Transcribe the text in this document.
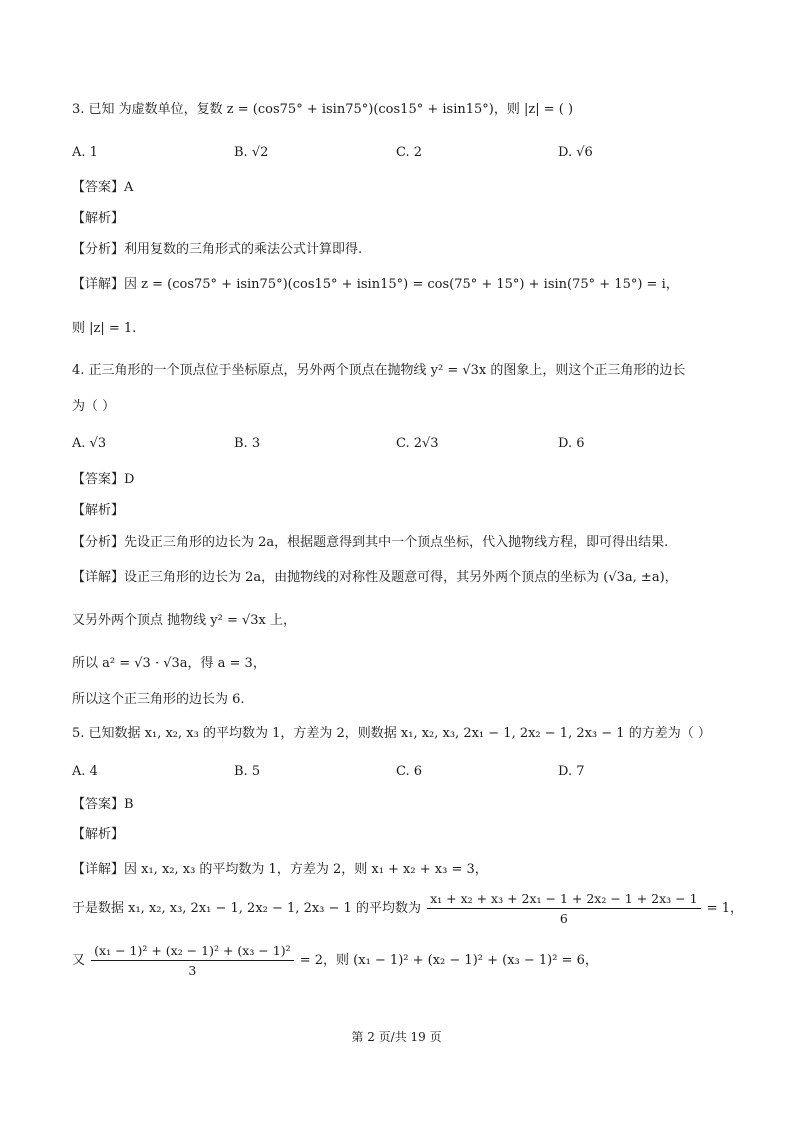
3. 已知 为虚数单位，复数 z = (cos75° + isin75°)(cos15° + isin15°)，则 |z| = ( )
A. 1	B. √2	C. 2	D. √6
【答案】A
【解析】
【分析】利用复数的三角形式的乘法公式计算即得.
【详解】因 z = (cos75° + isin75°)(cos15° + isin15°) = cos(75° + 15°) + isin(75° + 15°) = i，
则 |z| = 1.
4. 正三角形的一个顶点位于坐标原点，另外两个顶点在抛物线 y² = √3x 的图象上，则这个正三角形的边长
为（ ）
A. √3	B. 3	C. 2√3	D. 6
【答案】D
【解析】
【分析】先设正三角形的边长为 2a，根据题意得到其中一个顶点坐标，代入抛物线方程，即可得出结果.
【详解】设正三角形的边长为 2a，由抛物线的对称性及题意可得，其另外两个顶点的坐标为 (√3a, ±a)，
又另外两个顶点 抛物线 y² = √3x 上，
所以 a² = √3 · √3a，得 a = 3，
所以这个正三角形的边长为 6.
5. 已知数据 x₁, x₂, x₃ 的平均数为 1，方差为 2，则数据 x₁, x₂, x₃, 2x₁ − 1, 2x₂ − 1, 2x₃ − 1 的方差为（ ）
A. 4	B. 5	C. 6	D. 7
【答案】B
【解析】
【详解】因 x₁, x₂, x₃ 的平均数为 1，方差为 2，则 x₁ + x₂ + x₃ = 3，
于是数据 x₁, x₂, x₃, 2x₁ − 1, 2x₂ − 1, 2x₃ − 1 的平均数为 $\frac{\text{x₁ + x₂ + x₃ + 2x₁ − 1 + 2x₂ − 1 + 2x₃ − 1}}{6} = 1$，
又 $\frac{\text{(x₁ − 1)² + (x₂ − 1)² + (x₃ − 1)²}}{3} = 2$，则 (x₁ − 1)² + (x₂ − 1)² + (x₃ − 1)² = 6，
第 2 页/共 19 页
